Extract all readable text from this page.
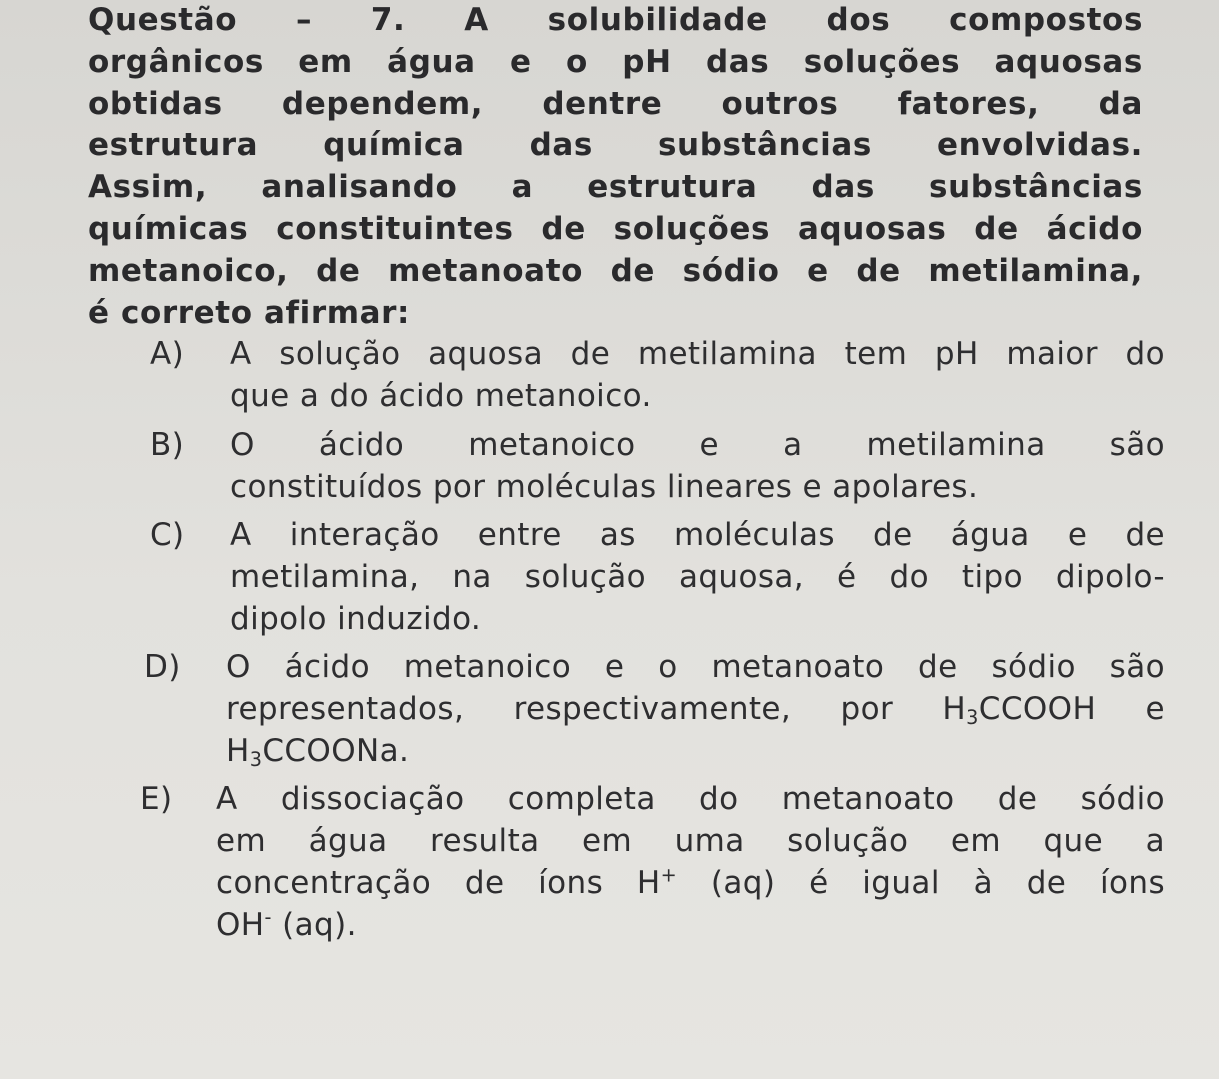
Questão – 7. A solubilidade dos compostos
orgânicos em água e o pH das soluções aquosas
obtidas dependem, dentre outros fatores, da
estrutura química das substâncias envolvidas.
Assim, analisando a estrutura das substâncias
químicas constituintes de soluções aquosas de ácido
metanoico, de metanoato de sódio e de metilamina,
é correto afirmar:
A)	A solução aquosa de metilamina tem pH maior do
que a do ácido metanoico.
B)	O ácido metanoico e a metilamina são
constituídos por moléculas lineares e apolares.
C)	A interação entre as moléculas de água e de
metilamina, na solução aquosa, é do tipo dipolo-
dipolo induzido.
D)	O ácido metanoico e o metanoato de sódio são
representados, respectivamente, por $H_3CCOOH$ e
$H_3CCOONa$.
E)	A dissociação completa do metanoato de sódio
em água resulta em uma solução em que a
concentração de íons H+ (aq) é igual à de íons
OH- (aq).
